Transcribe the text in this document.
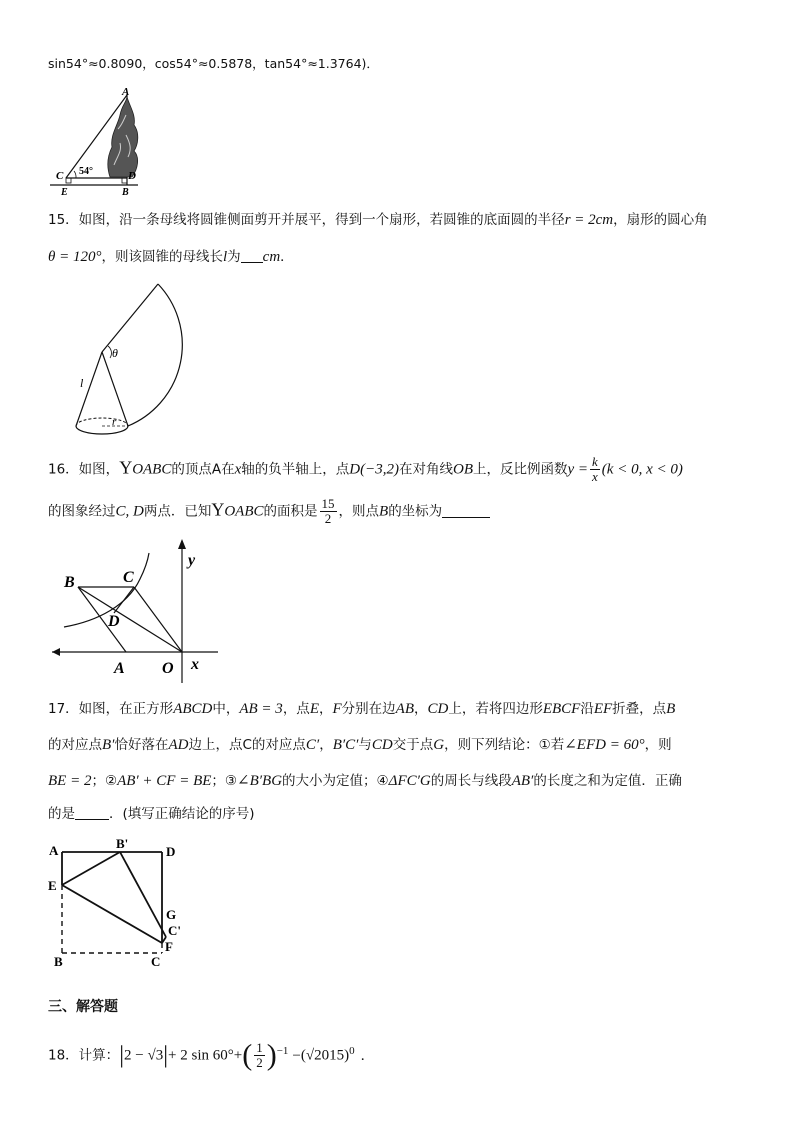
sin54°≈0.8090，cos54°≈0.5878，tan54°≈1.3764)．
A
C	D
E	B
54°
15．如图，沿一条母线将圆锥侧面剪开并展平，得到一个扇形，若圆锥的底面圆的半径r = 2cm，扇形的圆心角
θ = 120°，则该圆锥的母线长l为 cm．
θ
l
r
16．如图，YOABC的顶点A在x轴的负半轴上，点D(−3,2)在对角线OB上，反比例函数$y = \frac{k}{x} (k < 0$, x < 0)
的图象经过C, D两点．已知YOABC的面积是 $\frac{15}{2}$ ，则点B的坐标为
B	C
D
A O x
y
17．如图，在正方形ABCD中，AB = 3，点E，F分别在边AB，CD上，若将四边形EBCF沿EF折叠，点B
的对应点B′恰好落在AD边上，点C的对应点C′，B′C′与CD交于点G，则下列结论：①若∠EFD = 60°，则
BE = 2；②AB′ + CF = BE；③∠B′BG的大小为定值；④ΔFC′G的周长与线段AB′的长度之和为定值．正确
的是	．(填写正确结论的序号)
A	B'
D
E
G
C'
F
B	C
三、解答题
18．计算：|2 − √3|+ 2 $\sin 60^\circ+( \frac{1}{2} )^{-1} -(√2015)^0$ ．
